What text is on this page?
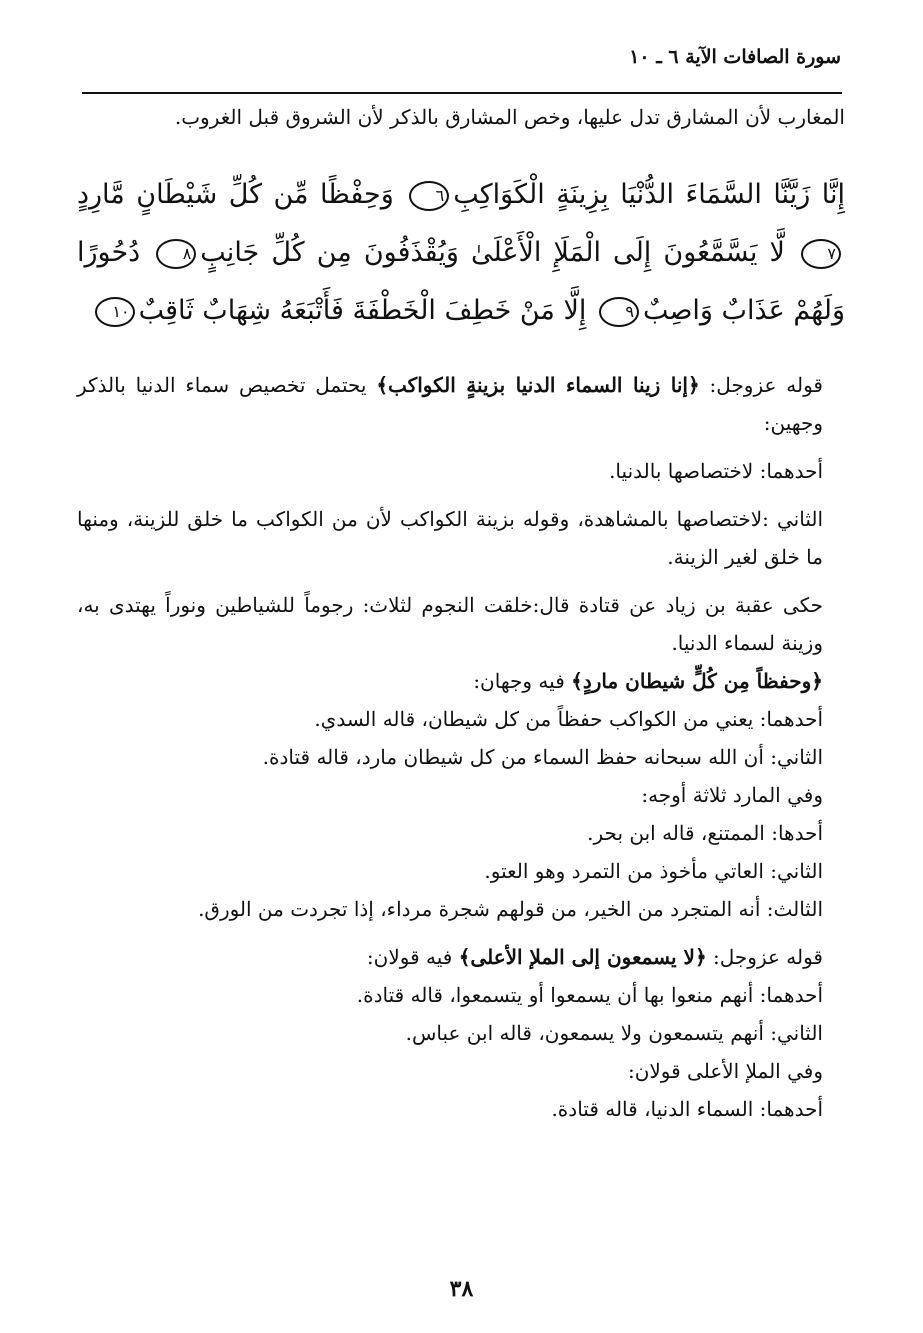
سورة الصافات الآية ٦ ـ ١٠

المغارب لأن المشارق تدل عليها، وخص المشارق بالذكر لأن الشروق قبل الغروب.

إِنَّا زَيَّنَّا السَّمَاءَ الدُّنْيَا بِزِينَةٍ الْكَوَاكِبِ٦ وَحِفْظًا مِّن كُلِّ شَيْطَانٍ مَّارِدٍ٧ لَّا يَسَّمَّعُونَ إِلَى الْمَلَإِ الْأَعْلَىٰ وَيُقْذَفُونَ مِن كُلِّ جَانِبٍ٨ دُحُورًا وَلَهُمْ عَذَابٌ وَاصِبٌ٩ إِلَّا مَنْ خَطِفَ الْخَطْفَةَ فَأَتْبَعَهُ شِهَابٌ ثَاقِبٌ١٠

قوله عزوجل: ﴿إنا زينا السماء الدنيا بزينةٍ الكواكب﴾ يحتمل تخصيص سماء الدنيا بالذكر وجهين:

أحدهما: لاختصاصها بالدنيا.

الثاني :لاختصاصها بالمشاهدة، وقوله بزينة الكواكب لأن من الكواكب ما خلق للزينة، ومنها ما خلق لغير الزينة.

حكى عقبة بن زياد عن قتادة قال:خلقت النجوم لثلاث: رجوماً للشياطين ونوراً يهتدى به، وزينة لسماء الدنيا.

﴿وحفظاً مِن كُلٍّ شيطان ماردٍ﴾ فيه وجهان:

أحدهما: يعني من الكواكب حفظاً من كل شيطان، قاله السدي.

الثاني: أن الله سبحانه حفظ السماء من كل شيطان مارد، قاله قتادة.

وفي المارد ثلاثة أوجه:

أحدها: الممتنع، قاله ابن بحر.

الثاني: العاتي مأخوذ من التمرد وهو العتو.

الثالث: أنه المتجرد من الخير، من قولهم شجرة مرداء، إذا تجردت من الورق.

قوله عزوجل: ﴿لا يسمعون إلى الملإ الأعلى﴾ فيه قولان:

أحدهما: أنهم منعوا بها أن يسمعوا أو يتسمعوا، قاله قتادة.

الثاني: أنهم يتسمعون ولا يسمعون، قاله ابن عباس.

وفي الملإ الأعلى قولان:

أحدهما: السماء الدنيا، قاله قتادة.

٣٨
